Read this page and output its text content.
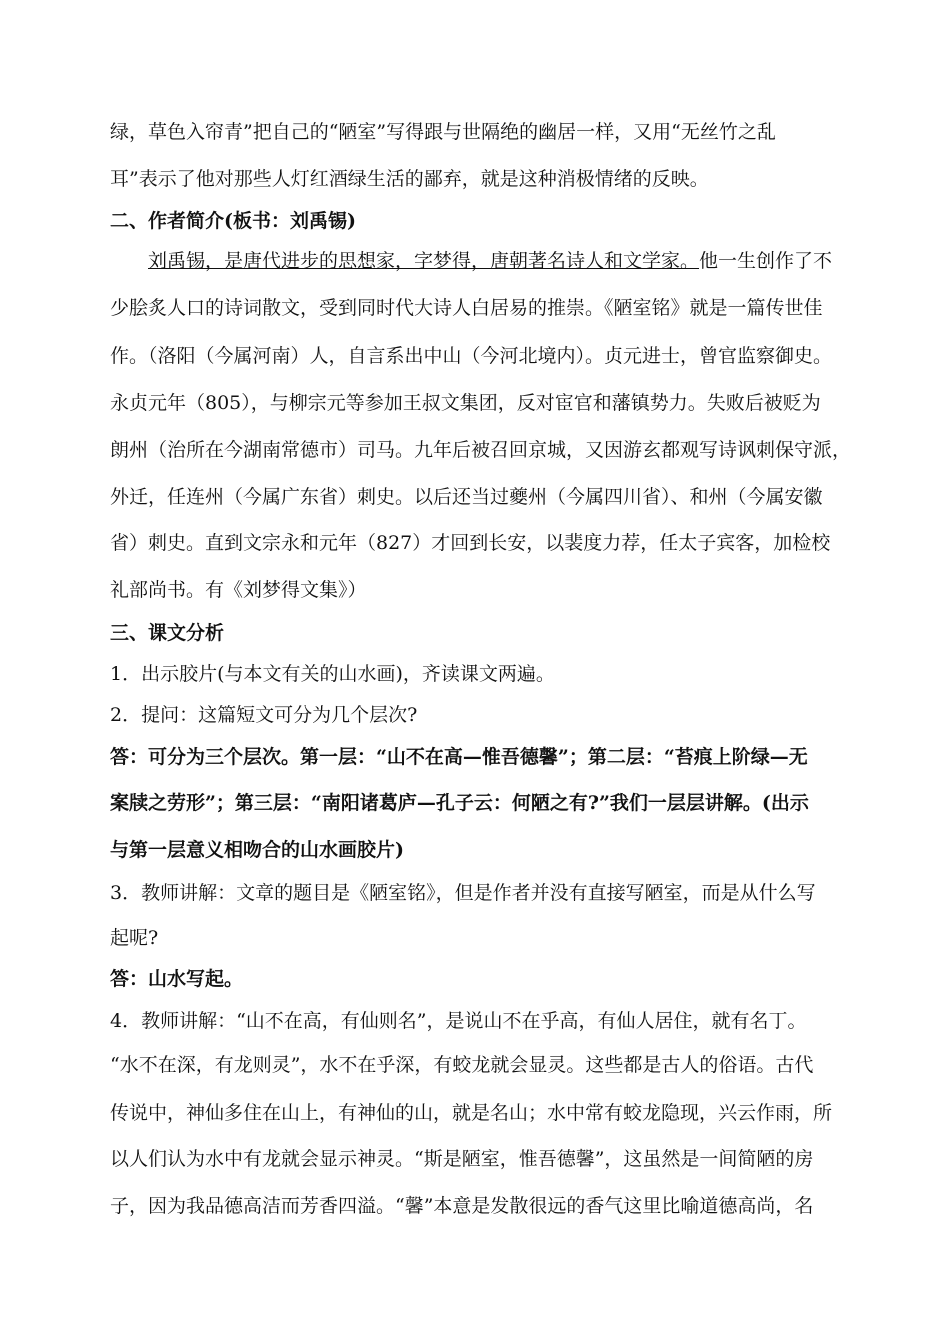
绿，草色入帘青”把自己的“陋室”写得跟与世隔绝的幽居一样，又用“无丝竹之乱
耳”表示了他对那些人灯红酒绿生活的鄙弃，就是这种消极情绪的反映。
二、作者简介(板书：刘禹锡)
刘禹锡，是唐代进步的思想家，字梦得，唐朝著名诗人和文学家。他一生创作了不
少脍炙人口的诗词散文，受到同时代大诗人白居易的推崇。《陋室铭》就是一篇传世佳
作。（洛阳（今属河南）人，自言系出中山（今河北境内）。贞元进士，曾官监察御史。
永贞元年（805），与柳宗元等参加王叔文集团，反对宦官和藩镇势力。失败后被贬为
朗州（治所在今湖南常德市）司马。九年后被召回京城，又因游玄都观写诗讽刺保守派，
外迁，任连州（今属广东省）刺史。以后还当过夔州（今属四川省）、和州（今属安徽
省）刺史。直到文宗永和元年（827）才回到长安，以裴度力荐，任太子宾客，加检校
礼部尚书。有《刘梦得文集》）
三、课文分析
1．出示胶片(与本文有关的山水画)，齐读课文两遍。
2．提问：这篇短文可分为几个层次?
答：可分为三个层次。第一层：“山不在高—惟吾德馨”；第二层：“苔痕上阶绿—无
案牍之劳形”；第三层：“南阳诸葛庐—孔子云：何陋之有?”我们一层层讲解。(出示
与第一层意义相吻合的山水画胶片)
3．教师讲解：文章的题目是《陋室铭》，但是作者并没有直接写陋室，而是从什么写
起呢?
答：山水写起。
4．教师讲解：“山不在高，有仙则名”，是说山不在乎高，有仙人居住，就有名丁。
“水不在深，有龙则灵”，水不在乎深，有蛟龙就会显灵。这些都是古人的俗语。古代
传说中，神仙多住在山上，有神仙的山，就是名山；水中常有蛟龙隐现，兴云作雨，所
以人们认为水中有龙就会显示神灵。“斯是陋室，惟吾德馨”，这虽然是一间简陋的房
子，因为我品德高洁而芳香四溢。“馨”本意是发散很远的香气这里比喻道德高尚，名
